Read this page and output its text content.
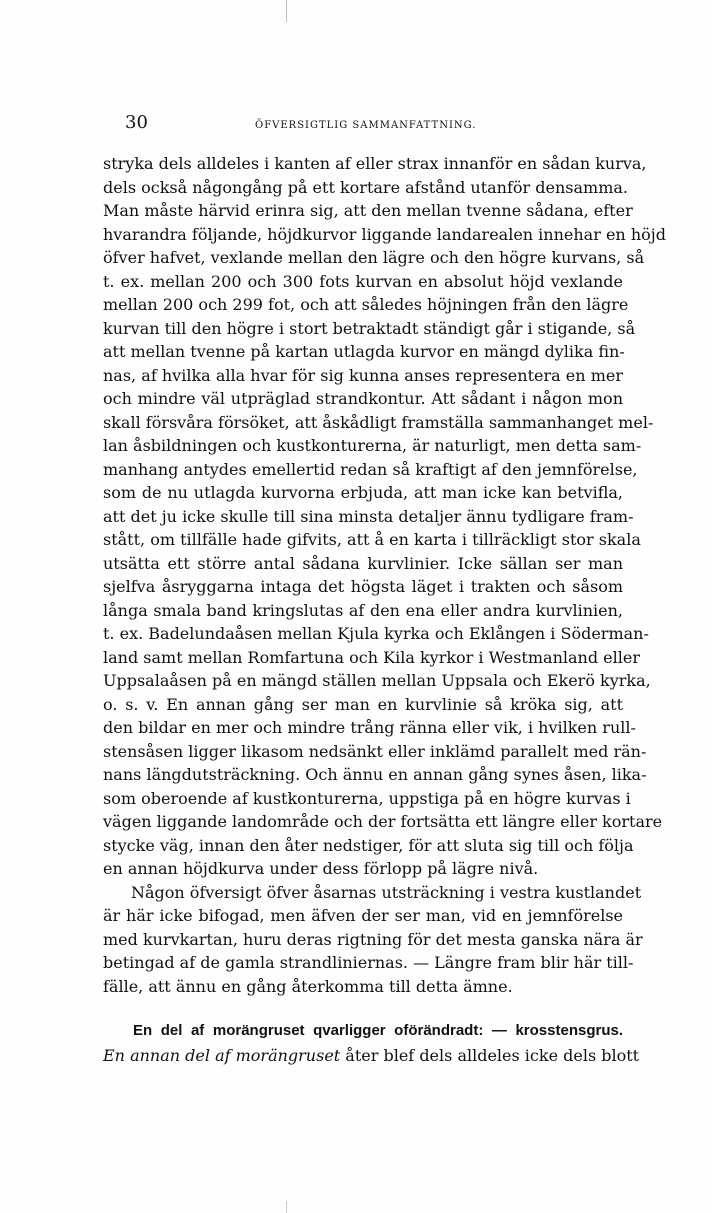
30	ÖFVERSIGTLIG SAMMANFATTNING.
stryka dels alldeles i kanten af eller strax innanför en sådan kurva,
dels också någongång på ett kortare afstånd utanför densamma.
Man måste härvid erinra sig, att den mellan tvenne sådana, efter
hvarandra följande, höjdkurvor liggande landarealen innehar en höjd
öfver hafvet, vexlande mellan den lägre och den högre kurvans, så
t. ex. mellan 200 och 300 fots kurvan en absolut höjd vexlande
mellan 200 och 299 fot, och att således höjningen från den lägre
kurvan till den högre i stort betraktadt ständigt går i stigande, så
att mellan tvenne på kartan utlagda kurvor en mängd dylika fin-
nas, af hvilka alla hvar för sig kunna anses representera en mer
och mindre väl utpräglad strandkontur. Att sådant i någon mon
skall försvåra försöket, att åskådligt framställa sammanhanget mel-
lan åsbildningen och kustkonturerna, är naturligt, men detta sam-
manhang antydes emellertid redan så kraftigt af den jemnförelse,
som de nu utlagda kurvorna erbjuda, att man icke kan betvifla,
att det ju icke skulle till sina minsta detaljer ännu tydligare fram-
stått, om tillfälle hade gifvits, att å en karta i tillräckligt stor skala
utsätta ett större antal sådana kurvlinier. Icke sällan ser man
sjelfva åsryggarna intaga det högsta läget i trakten och såsom
långa smala band kringslutas af den ena eller andra kurvlinien,
t. ex. Badelundaåsen mellan Kjula kyrka och Eklången i Söderman-
land samt mellan Romfartuna och Kila kyrkor i Westmanland eller
Uppsalaåsen på en mängd ställen mellan Uppsala och Ekerö kyrka,
o. s. v. En annan gång ser man en kurvlinie så kröka sig, att
den bildar en mer och mindre trång ränna eller vik, i hvilken rull-
stensåsen ligger likasom nedsänkt eller inklämd parallelt med rän-
nans längdutsträckning. Och ännu en annan gång synes åsen, lika-
som oberoende af kustkonturerna, uppstiga på en högre kurvas i
vägen liggande landområde och der fortsätta ett längre eller kortare
stycke väg, innan den åter nedstiger, för att sluta sig till och följa
en annan höjdkurva under dess förlopp på lägre nivå.
Någon öfversigt öfver åsarnas utsträckning i vestra kustlandet
är här icke bifogad, men äfven der ser man, vid en jemnförelse
med kurvkartan, huru deras rigtning för det mesta ganska nära är
betingad af de gamla strandliniernas. — Längre fram blir här till-
fälle, att ännu en gång återkomma till detta ämne.
En del af morängruset qvarligger oförändradt: — krosstensgrus.
En annan del af morängruset åter blef dels alldeles icke dels blott
